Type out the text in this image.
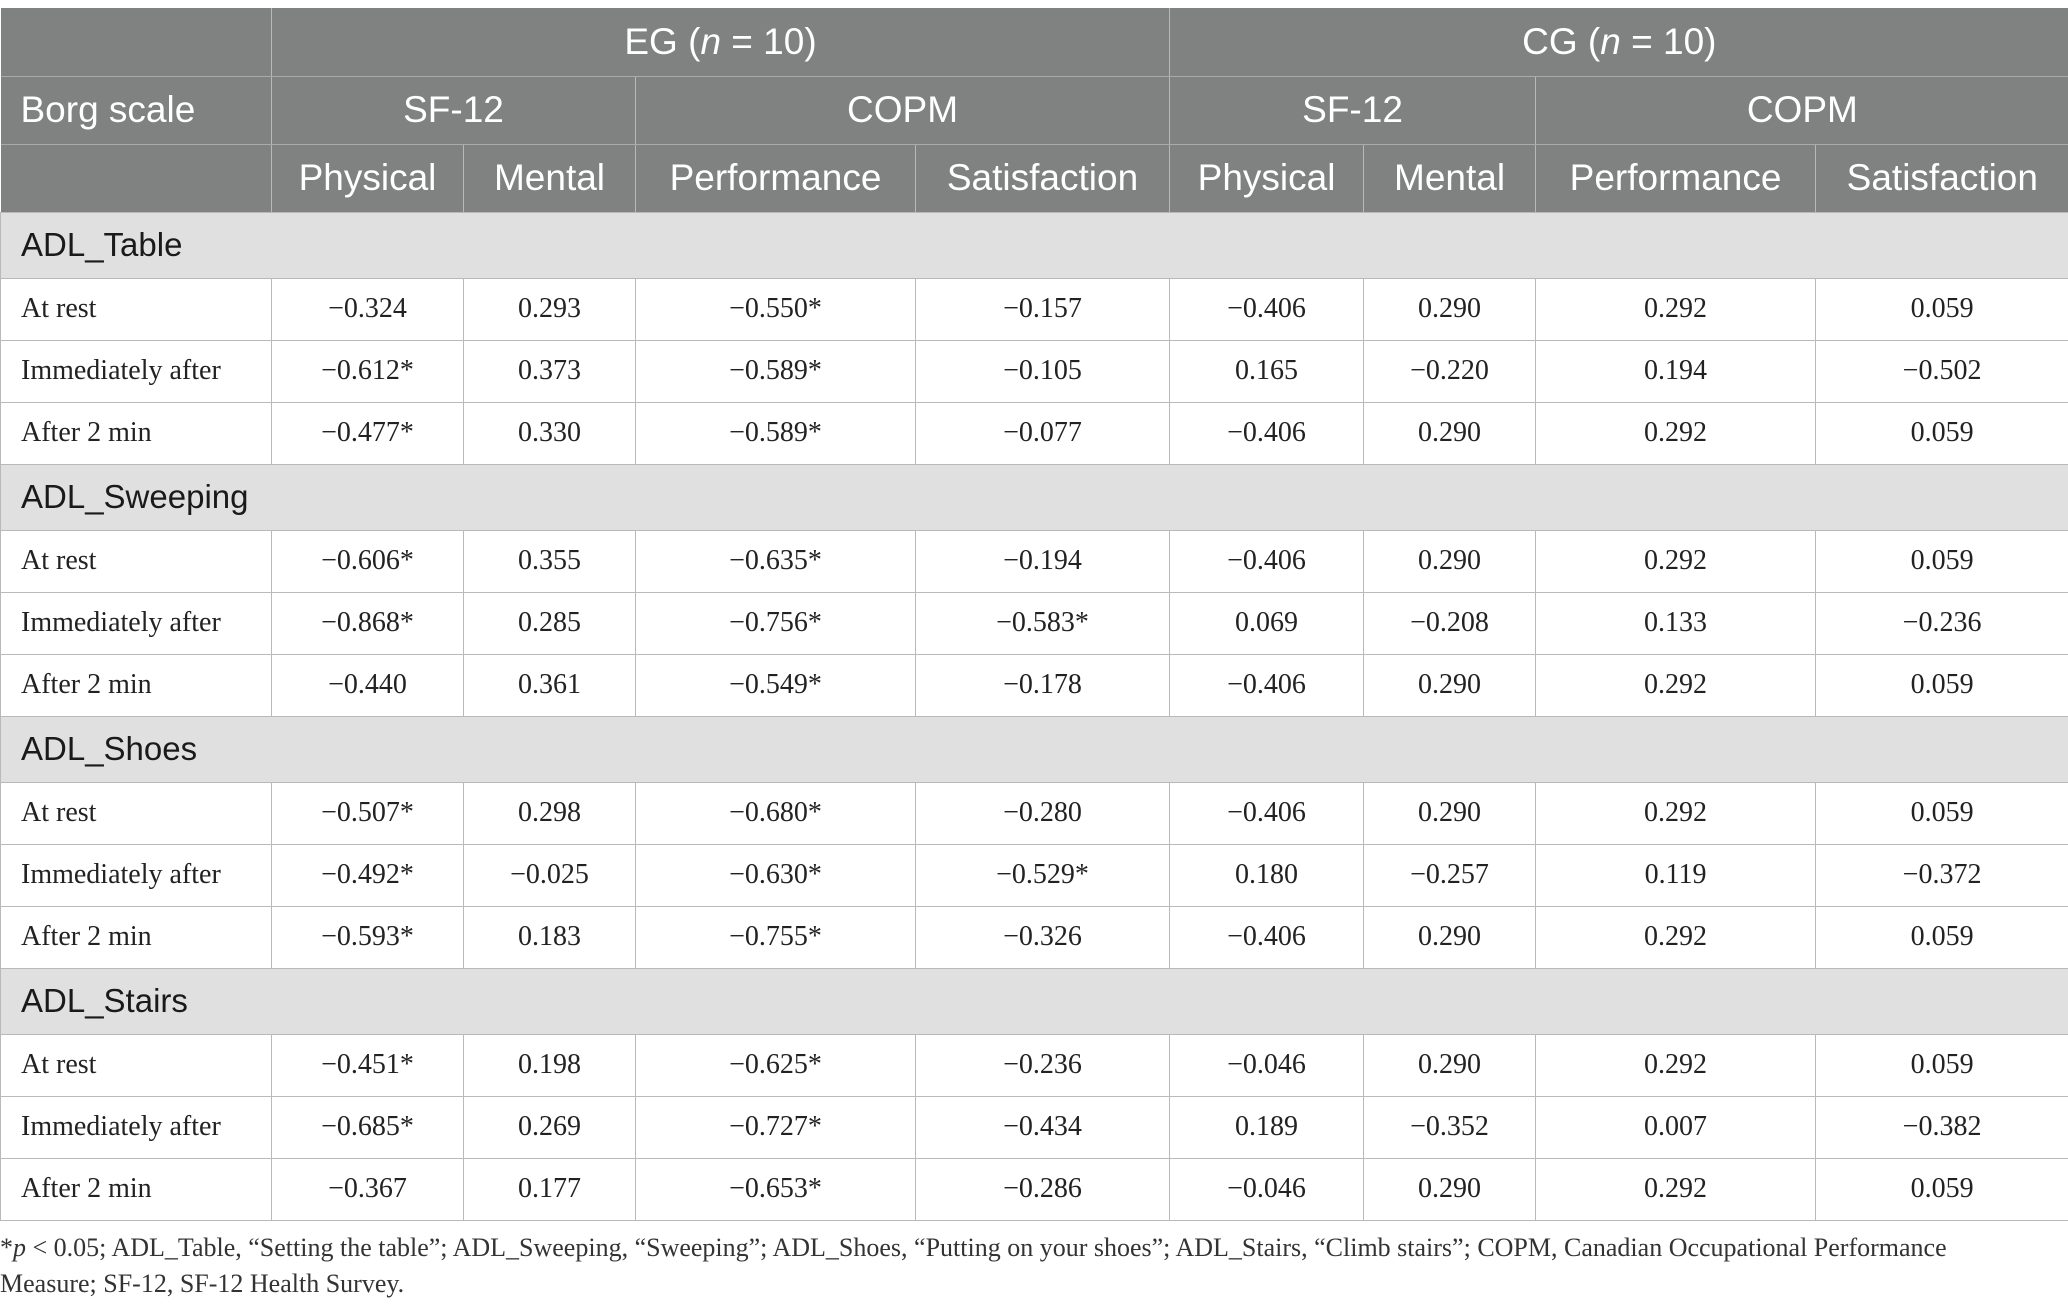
	EG (n = 10)				CG (n = 10)			
Borg scale	SF-12		COPM		SF-12		COPM	
	Physical	Mental	Performance	Satisfaction	Physical	Mental	Performance	Satisfaction
ADL_Table								
At rest	−0.324	0.293	−0.550*	−0.157	−0.406	0.290	0.292	0.059
Immediately after	−0.612*	0.373	−0.589*	−0.105	0.165	−0.220	0.194	−0.502
After 2 min	−0.477*	0.330	−0.589*	−0.077	−0.406	0.290	0.292	0.059
ADL_Sweeping								
At rest	−0.606*	0.355	−0.635*	−0.194	−0.406	0.290	0.292	0.059
Immediately after	−0.868*	0.285	−0.756*	−0.583*	0.069	−0.208	0.133	−0.236
After 2 min	−0.440	0.361	−0.549*	−0.178	−0.406	0.290	0.292	0.059
ADL_Shoes								
At rest	−0.507*	0.298	−0.680*	−0.280	−0.406	0.290	0.292	0.059
Immediately after	−0.492*	−0.025	−0.630*	−0.529*	0.180	−0.257	0.119	−0.372
After 2 min	−0.593*	0.183	−0.755*	−0.326	−0.406	0.290	0.292	0.059
ADL_Stairs								
At rest	−0.451*	0.198	−0.625*	−0.236	−0.046	0.290	0.292	0.059
Immediately after	−0.685*	0.269	−0.727*	−0.434	0.189	−0.352	0.007	−0.382
After 2 min	−0.367	0.177	−0.653*	−0.286	−0.046	0.290	0.292	0.059
*p < 0.05; ADL_Table, “Setting the table”; ADL_Sweeping, “Sweeping”; ADL_Shoes, “Putting on your shoes”; ADL_Stairs, “Climb stairs”; COPM, Canadian Occupational Performance Measure; SF-12, SF-12 Health Survey.
